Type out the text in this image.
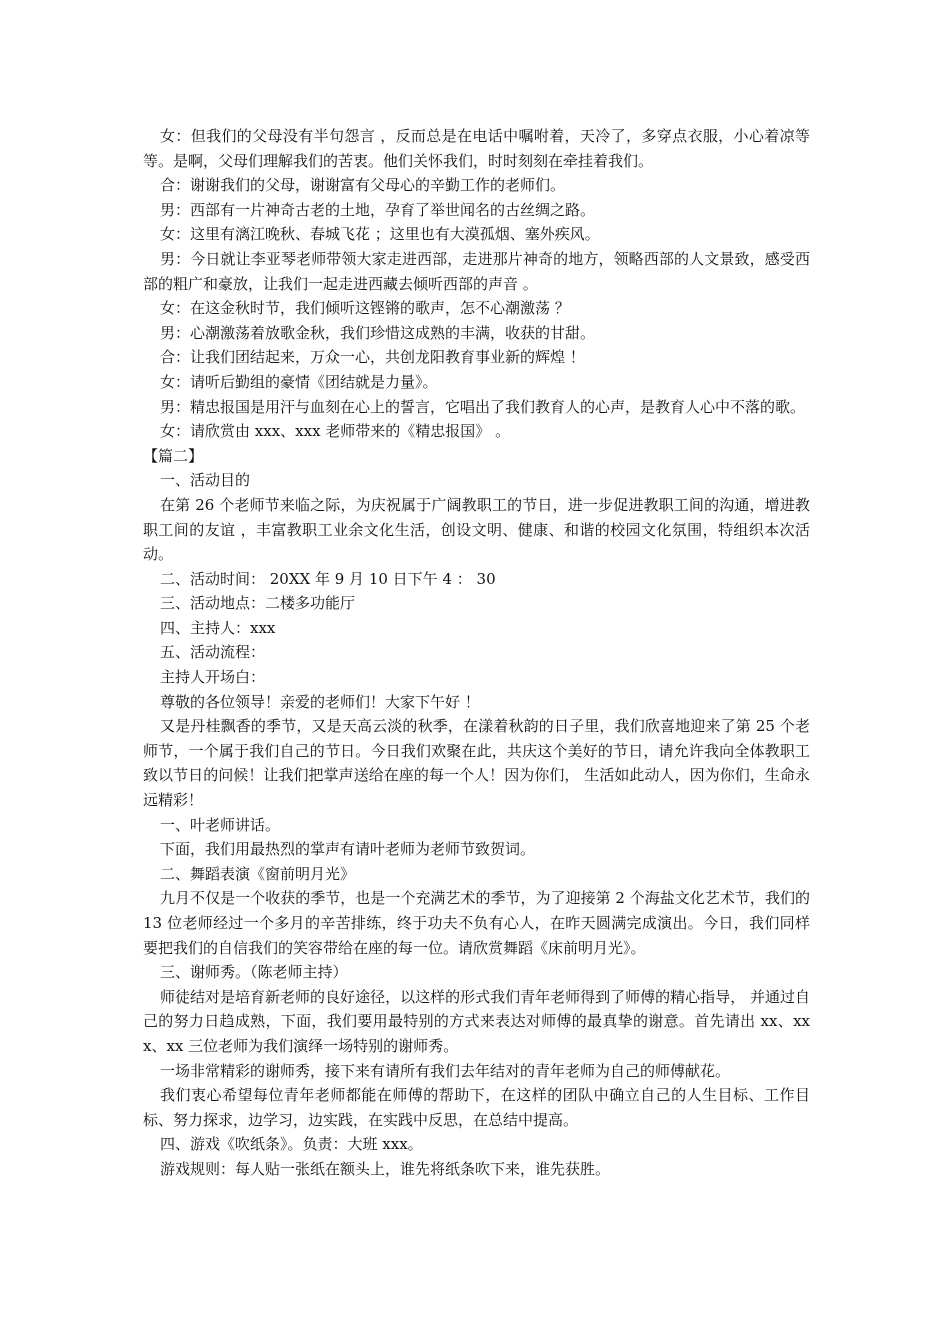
女：但我们的父母没有半句怨言 ，反而总是在电话中嘱咐着，天冷了，多穿点衣服，小心着凉等等。是啊，父母们理解我们的苦衷。他们关怀我们，时时刻刻在牵挂着我们。

合：谢谢我们的父母，谢谢富有父母心的辛勤工作的老师们。

男：西部有一片神奇古老的土地，孕育了举世闻名的古丝绸之路。

女：这里有漓江晚秋、春城飞花 ；这里也有大漠孤烟、塞外疾风。

男：今日就让李亚琴老师带领大家走进西部，走进那片神奇的地方，领略西部的人文景致，感受西部的粗广和豪放，让我们一起走进西藏去倾听西部的声音 。

女：在这金秋时节，我们倾听这铿锵的歌声，怎不心潮激荡 ？

男：心潮激荡着放歌金秋，我们珍惜这成熟的丰满，收获的甘甜。

合：让我们团结起来，万众一心，共创龙阳教育事业新的辉煌 ！

女：请听后勤组的豪情《团结就是力量》。

男：精忠报国是用汗与血刻在心上的誓言，它唱出了我们教育人的心声，是教育人心中不落的歌。

女：请欣赏由 xxx、xxx 老师带来的《精忠报国》 。

【篇二】

一、活动目的

在第 26 个老师节来临之际，为庆祝属于广阔教职工的节日，进一步促进教职工间的沟通，增进教职工间的友谊 ，丰富教职工业余文化生活，创设文明、健康、和谐的校园文化氛围，特组织本次活动。

二、活动时间： 20XX 年 9 月 10 日下午 4 ： 30

三、活动地点：二楼多功能厅

四、主持人：xxx

五、活动流程：

主持人开场白：

尊敬的各位领导！亲爱的老师们！大家下午好 ！

又是丹桂飘香的季节，又是天高云淡的秋季，在漾着秋韵的日子里，我们欣喜地迎来了第 25 个老师节，一个属于我们自己的节日。今日我们欢聚在此，共庆这个美好的节日，请允许我向全体教职工致以节日的问候！让我们把掌声送给在座的每一个人！因为你们， 生活如此动人，因为你们，生命永远精彩！

一、叶老师讲话。

下面，我们用最热烈的掌声有请叶老师为老师节致贺词。

二、舞蹈表演《窗前明月光》

九月不仅是一个收获的季节，也是一个充满艺术的季节，为了迎接第 2 个海盐文化艺术节，我们的 13 位老师经过一个多月的辛苦排练，终于功夫不负有心人，在昨天圆满完成演出。今日，我们同样要把我们的自信我们的笑容带给在座的每一位。请欣赏舞蹈《床前明月光》。

三、谢师秀。（陈老师主持）

师徒结对是培育新老师的良好途径，以这样的形式我们青年老师得到了师傅的精心指导， 并通过自己的努力日趋成熟，下面，我们要用最特别的方式来表达对师傅的最真挚的谢意。首先请出 xx、xxx、xx 三位老师为我们演绎一场特别的谢师秀。

一场非常精彩的谢师秀，接下来有请所有我们去年结对的青年老师为自己的师傅献花。

我们衷心希望每位青年老师都能在师傅的帮助下，在这样的团队中确立自己的人生目标、工作目标、努力探求，边学习，边实践，在实践中反思，在总结中提高。

四、游戏《吹纸条》。负责：大班 xxx。

游戏规则：每人贴一张纸在额头上，谁先将纸条吹下来，谁先获胜。
